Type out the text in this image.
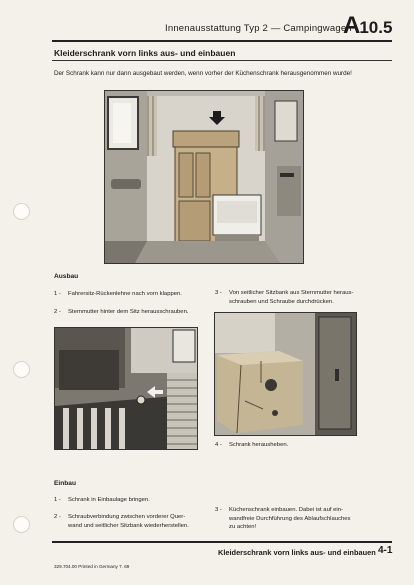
Innenausstattung Typ 2 — Campingwagen
A10.5
Kleiderschrank vorn links aus- und einbauen
Der Schrank kann nur dann ausgebaut werden, wenn vorher der Küchenschrank herausgenommen wurde!
Ausbau
1 - Fahrersitz-Rückenlehne nach vorn klappen.
2 - Sternmutter hinter dem Sitz herausschrauben.
3 - Von seitlicher Sitzbank aus Sternmutter heraus-
schrauben und Schraube durchdrücken.
4 - Schrank herausheben.
Einbau
1 - Schrank in Einbaulage bringen.
2 - Schraubverbindung zwischen vorderer Quer-
wand und seitlicher Sitzbank wiederherstellen.
3 - Küchenschrank einbauen. Dabei ist auf ein-
wandfreie Durchführung des Ablaufschlauches
zu achten!
Kleiderschrank vorn links aus- und einbauen 4-1
329.704.00 Printed in Germany 7. 69
